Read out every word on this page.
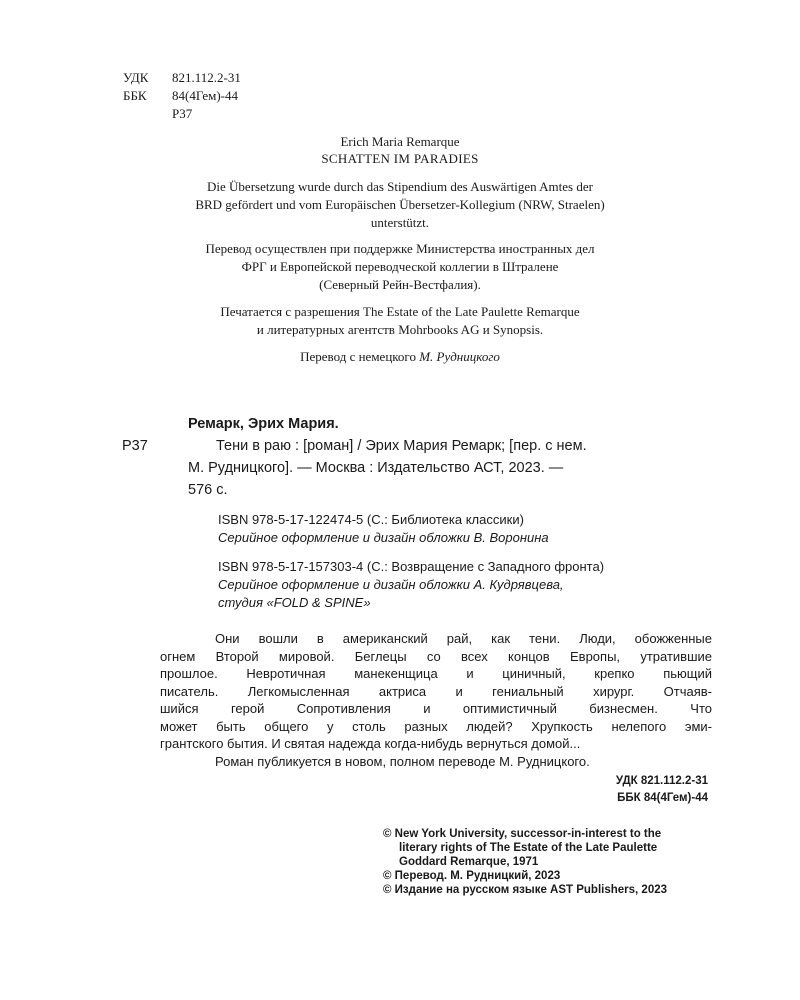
УДК 821.112.2-31
ББК 84(4Гем)-44
Р37
Erich Maria Remarque
SCHATTEN IM PARADIES
Die Übersetzung wurde durch das Stipendium des Auswärtigen Amtes der
BRD gefördert und vom Europäischen Übersetzer-Kollegium (NRW, Straelen)
unterstützt.
Перевод осуществлен при поддержке Министерства иностранных дел
ФРГ и Европейской переводческой коллегии в Штралене
(Северный Рейн-Вестфалия).
Печатается с разрешения The Estate of the Late Paulette Remarque
и литературных агентств Mohrbooks AG и Synopsis.
Перевод с немецкого М. Рудницкого
Ремарк, Эрих Мария.
Р37	Тени в раю : [роман] / Эрих Мария Ремарк; [пер. с нем.
М. Рудницкого]. — Москва : Издательство АСТ, 2023. —
576 с.
ISBN 978-5-17-122474-5 (С.: Библиотека классики)
Серийное оформление и дизайн обложки В. Воронина
ISBN 978-5-17-157303-4 (С.: Возвращение с Западного фронта)
Серийное оформление и дизайн обложки А. Кудрявцева,
студия «FOLD & SPINE»
Они вошли в американский рай, как тени. Люди, обожженные
огнем Второй мировой. Беглецы со всех концов Европы, утратившие
прошлое. Невротичная манекенщица и циничный, крепко пьющий
писатель. Легкомысленная актриса и гениальный хирург. Отчаяв-
шийся герой Сопротивления и оптимистичный бизнесмен. Что
может быть общего у столь разных людей? Хрупкость нелепого эми-
грантского бытия. И святая надежда когда-нибудь вернуться домой...
Роман публикуется в новом, полном переводе М. Рудницкого.
УДК 821.112.2-31
ББК 84(4Гем)-44
© New York University, successor-in-interest to the
literary rights of The Estate of the Late Paulette
Goddard Remarque, 1971
© Перевод. М. Рудницкий, 2023
© Издание на русском языке AST Publishers, 2023
